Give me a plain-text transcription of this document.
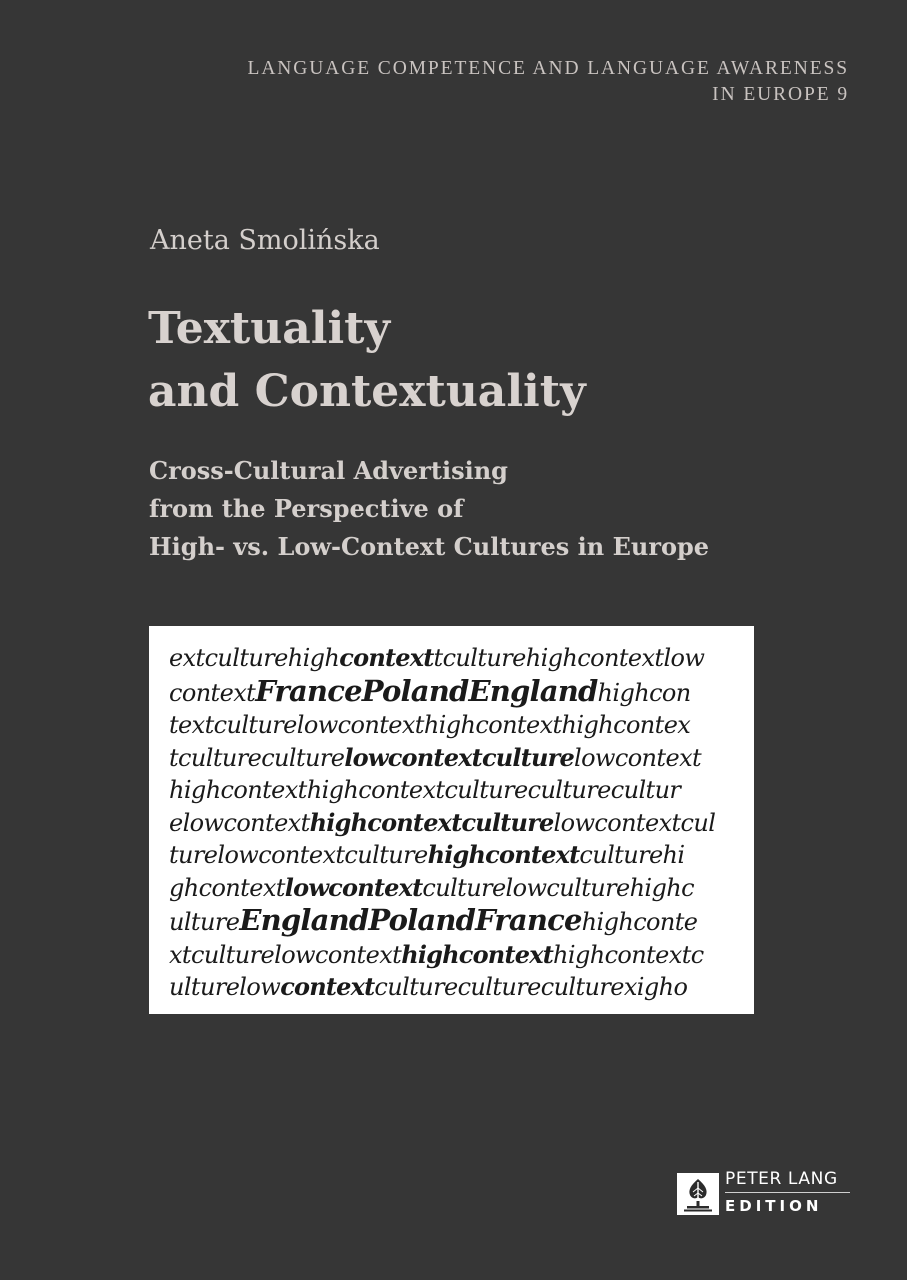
LANGUAGE COMPETENCE AND LANGUAGE AWARENESS
IN EUROPE 9
Aneta Smolińska
Textuality
and Contextuality
Cross-Cultural Advertising
from the Perspective of
High- vs. Low-Context Cultures in Europe
extculturehighcontexttculturehighcontextlow
contextFrancePolandEnglandhighcon
textculturelowcontexthighcontexthighcontex
tcultureculturelowcontextculturelowcontext
highcontexthighcontextcultureculturecultur
elowcontexthighcontextculturelowcontextcul
turelowcontextculturehighcontextculturehi
ghcontextlowcontextculturelowculturehighc
ultureEnglandPolandFrancehighconte
xtculturelowcontexthighcontexthighcontextc
ulturelowcontextcultureculturecultureхigho
PETER LANG
EDITION
